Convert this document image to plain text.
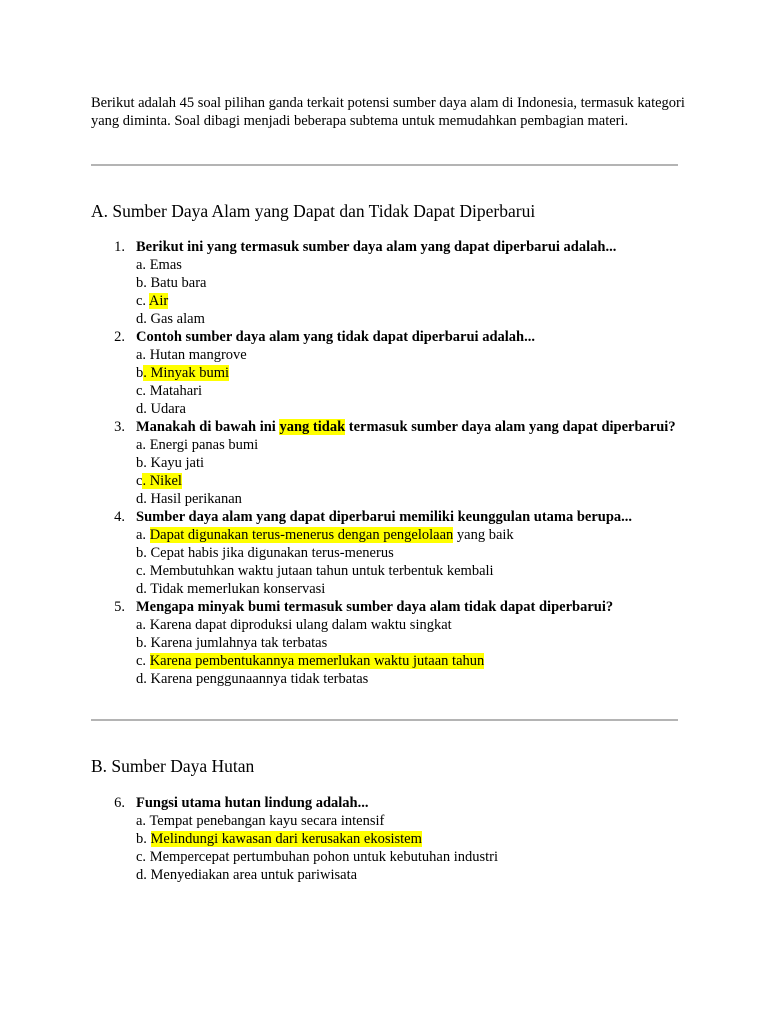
Berikut adalah 45 soal pilihan ganda terkait potensi sumber daya alam di Indonesia, termasuk kategori yang diminta. Soal dibagi menjadi beberapa subtema untuk memudahkan pembagian materi.

A. Sumber Daya Alam yang Dapat dan Tidak Dapat Diperbarui
1. Berikut ini yang termasuk sumber daya alam yang dapat diperbarui adalah...
a. Emas
b. Batu bara
c. Air
d. Gas alam
2. Contoh sumber daya alam yang tidak dapat diperbarui adalah...
a. Hutan mangrove
b. Minyak bumi
c. Matahari
d. Udara
3. Manakah di bawah ini yang tidak termasuk sumber daya alam yang dapat diperbarui?
a. Energi panas bumi
b. Kayu jati
c. Nikel
d. Hasil perikanan
4. Sumber daya alam yang dapat diperbarui memiliki keunggulan utama berupa...
a. Dapat digunakan terus-menerus dengan pengelolaan yang baik
b. Cepat habis jika digunakan terus-menerus
c. Membutuhkan waktu jutaan tahun untuk terbentuk kembali
d. Tidak memerlukan konservasi
5. Mengapa minyak bumi termasuk sumber daya alam tidak dapat diperbarui?
a. Karena dapat diproduksi ulang dalam waktu singkat
b. Karena jumlahnya tak terbatas
c. Karena pembentukannya memerlukan waktu jutaan tahun
d. Karena penggunaannya tidak terbatas
B. Sumber Daya Hutan
6. Fungsi utama hutan lindung adalah...
a. Tempat penebangan kayu secara intensif
b. Melindungi kawasan dari kerusakan ekosistem
c. Mempercepat pertumbuhan pohon untuk kebutuhan industri
d. Menyediakan area untuk pariwisata
